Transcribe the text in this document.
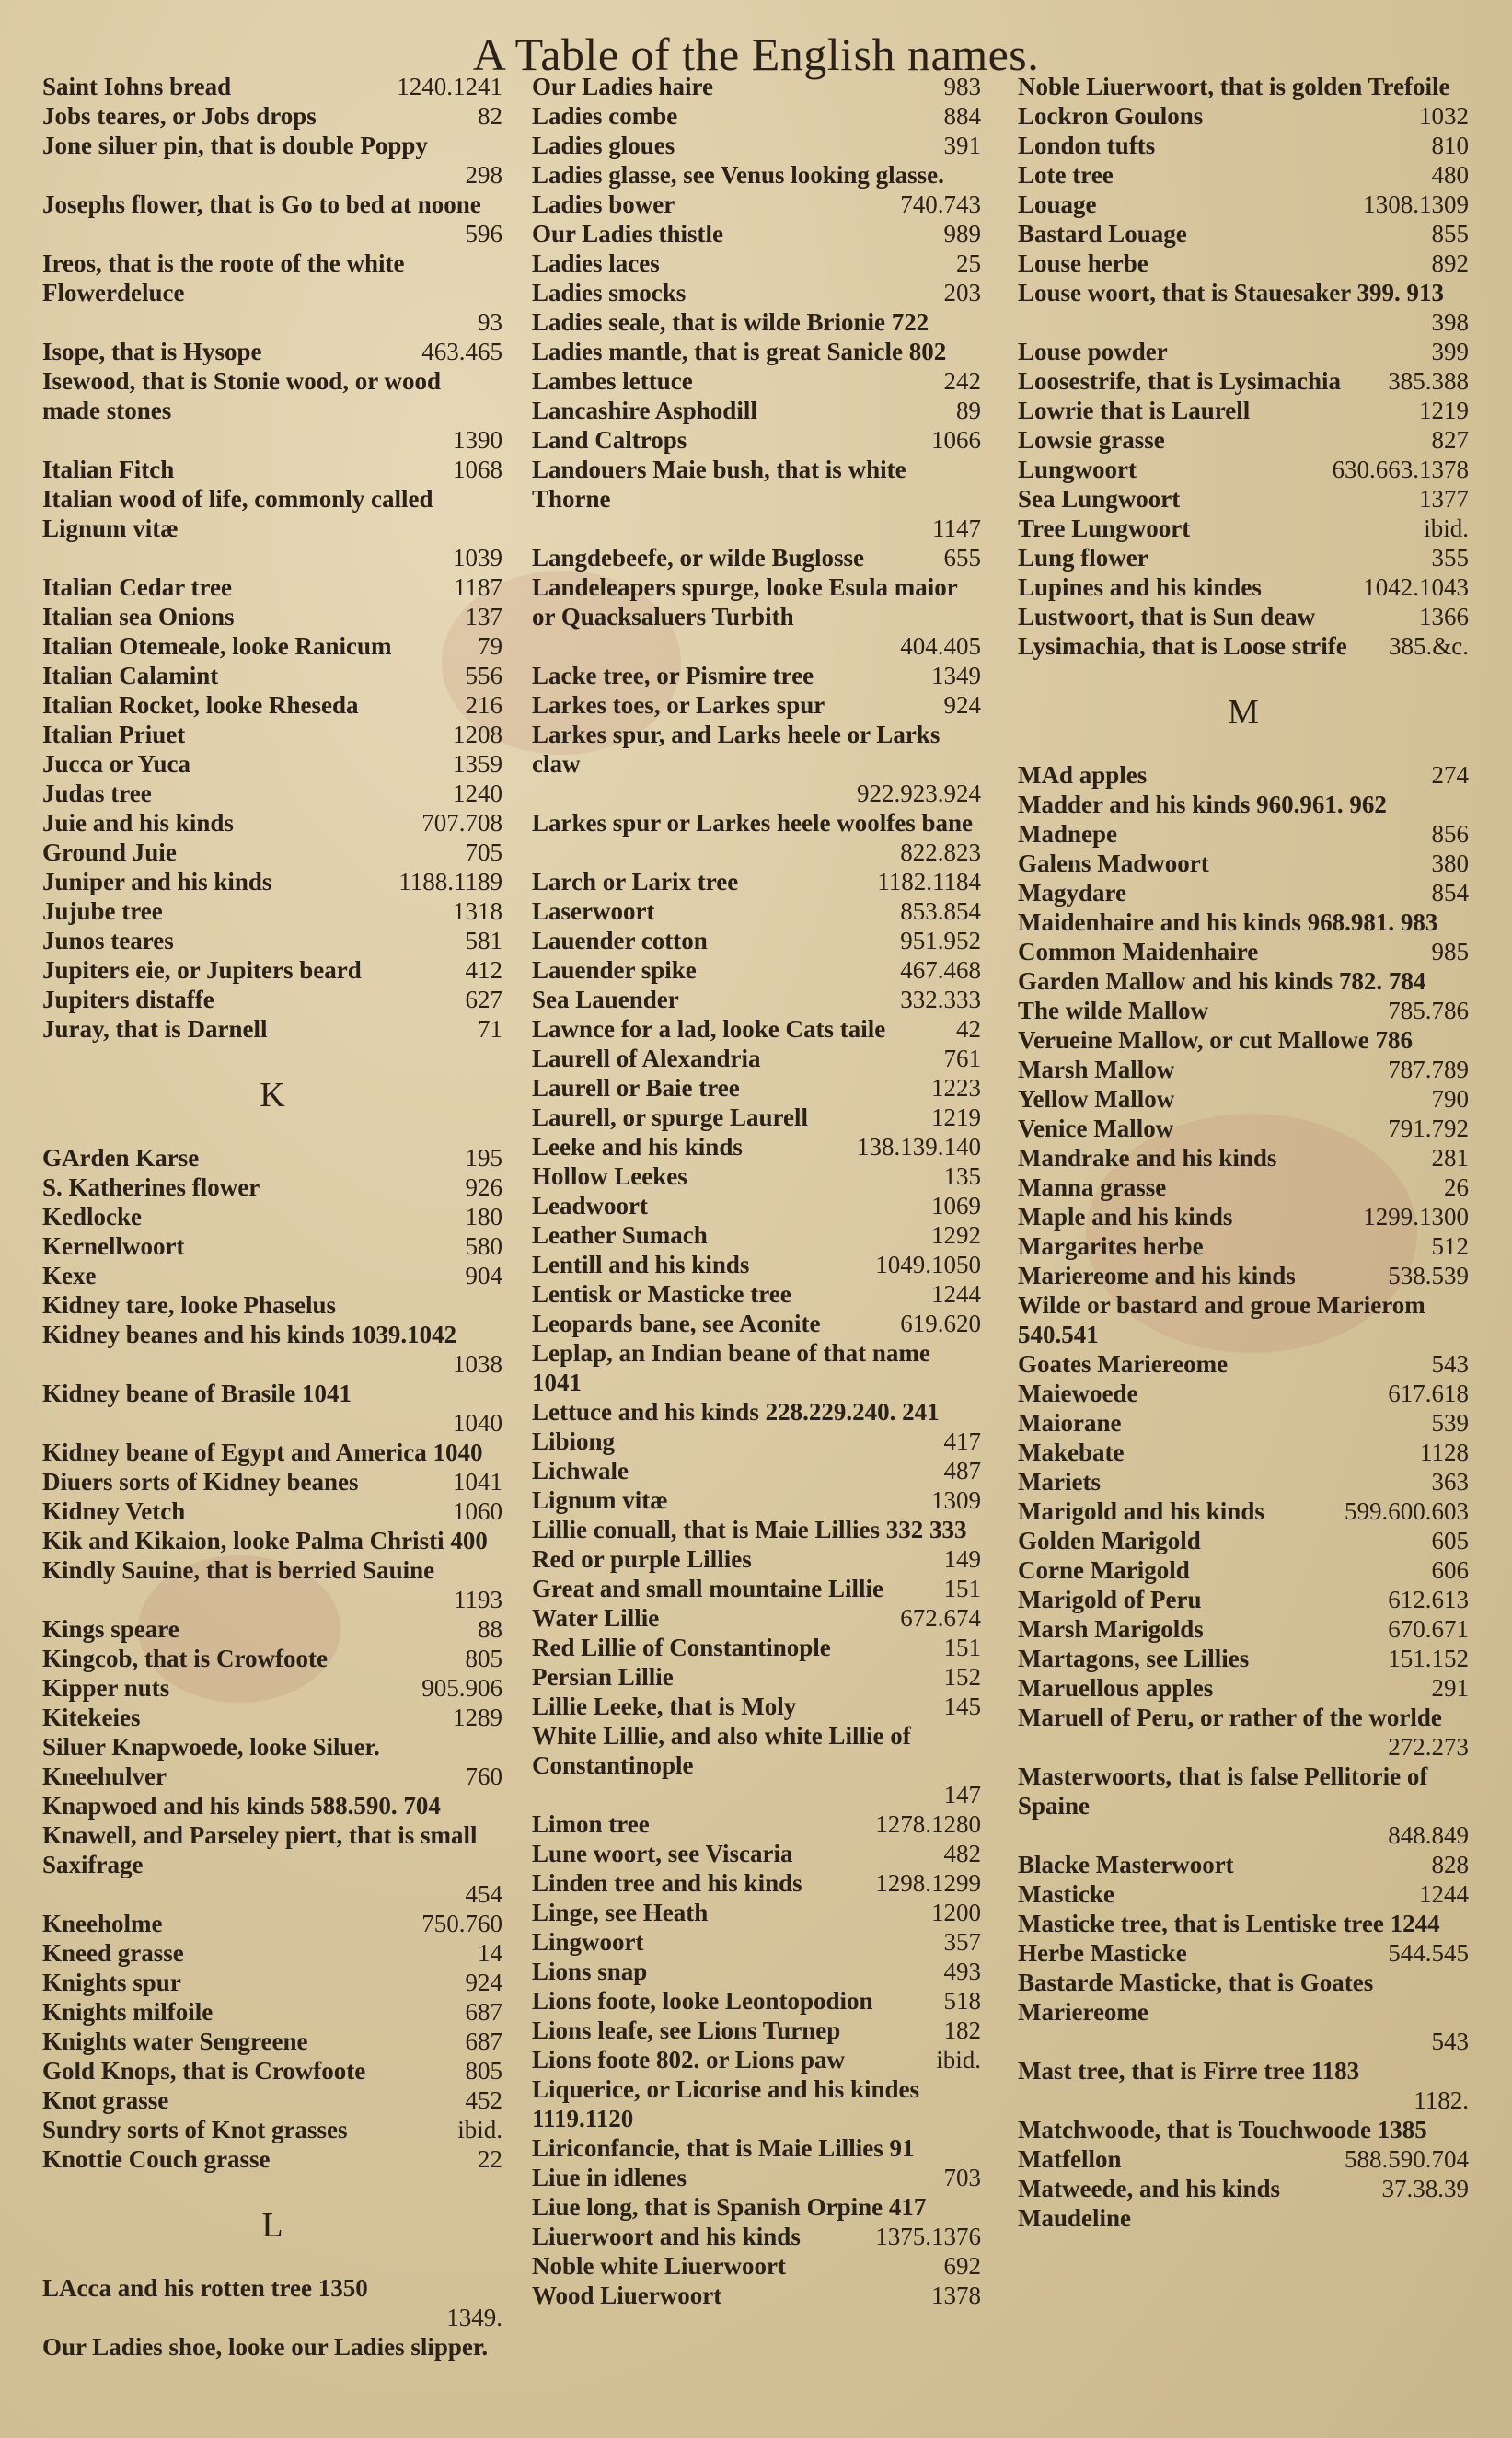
A Table of the English names.
Saint Iohns bread	1240.1241
Jobs teares, or Jobs drops	82
Jone siluer pin, that is double Poppy
298
Josephs flower, that is Go to bed at noone
596
Ireos, that is the roote of the white Flowerdeluce
93
Isope, that is Hysope	463.465
Isewood, that is Stonie wood, or wood made stones
1390
Italian Fitch	1068
Italian wood of life, commonly called Lignum vitæ
1039
Italian Cedar tree	1187
Italian sea Onions	137
Italian Otemeale, looke Ranicum	79
Italian Calamint	556
Italian Rocket, looke Rheseda	216
Italian Priuet	1208
Jucca or Yuca	1359
Judas tree	1240
Juie and his kinds	707.708
Ground Juie	705
Juniper and his kinds	1188.1189
Jujube tree	1318
Junos teares	581
Jupiters eie, or Jupiters beard	412
Jupiters distaffe	627
Juray, that is Darnell	71
K
GArden Karse	195
S. Katherines flower	926
Kedlocke	180
Kernellwoort	580
Kexe	904
Kidney tare, looke Phaselus
Kidney beanes and his kinds 1039.1042
1038
Kidney beane of Brasile 1041
1040
Kidney beane of Egypt and America 1040
Diuers sorts of Kidney beanes	1041
Kidney Vetch	1060
Kik and Kikaion, looke Palma Christi 400
Kindly Sauine, that is berried Sauine
1193
Kings speare	88
Kingcob, that is Crowfoote	805
Kipper nuts	905.906
Kitekeies	1289
Siluer Knapwoede, looke Siluer.
Kneehulver	760
Knapwoed and his kinds 588.590. 704
Knawell, and Parseley piert, that is small Saxifrage
454
Kneeholme	750.760
Kneed grasse	14
Knights spur	924
Knights milfoile	687
Knights water Sengreene	687
Gold Knops, that is Crowfoote	805
Knot grasse	452
Sundry sorts of Knot grasses	ibid.
Knottie Couch grasse	22
L
LAcca and his rotten tree 1350
1349.
Our Ladies shoe, looke our Ladies slipper.
Our Ladies haire	983
Ladies combe	884
Ladies gloues	391
Ladies glasse, see Venus looking glasse.
Ladies bower	740.743
Our Ladies thistle	989
Ladies laces	25
Ladies smocks	203
Ladies seale, that is wilde Brionie 722
Ladies mantle, that is great Sanicle 802
Lambes lettuce	242
Lancashire Asphodill	89
Land Caltrops	1066
Landouers Maie bush, that is white Thorne
1147
Langdebeefe, or wilde Buglosse	655
Landeleapers spurge, looke Esula maior or Quacksaluers Turbith
404.405
Lacke tree, or Pismire tree	1349
Larkes toes, or Larkes spur	924
Larkes spur, and Larks heele or Larks claw
922.923.924
Larkes spur or Larkes heele woolfes bane
822.823
Larch or Larix tree	1182.1184
Laserwoort	853.854
Lauender cotton	951.952
Lauender spike	467.468
Sea Lauender	332.333
Lawnce for a lad, looke Cats taile	42
Laurell of Alexandria	761
Laurell or Baie tree	1223
Laurell, or spurge Laurell	1219
Leeke and his kinds	138.139.140
Hollow Leekes	135
Leadwoort	1069
Leather Sumach	1292
Lentill and his kinds	1049.1050
Lentisk or Masticke tree	1244
Leopards bane, see Aconite	619.620
Leplap, an Indian beane of that name 1041
Lettuce and his kinds 228.229.240. 241
Libiong	417
Lichwale	487
Lignum vitæ	1309
Lillie conuall, that is Maie Lillies 332 333
Red or purple Lillies	149
Great and small mountaine Lillie 151
Water Lillie	672.674
Red Lillie of Constantinople	151
Persian Lillie	152
Lillie Leeke, that is Moly	145
White Lillie, and also white Lillie of Constantinople
147
Limon tree	1278.1280
Lune woort, see Viscaria	482
Linden tree and his kinds	1298.1299
Linge, see Heath	1200
Lingwoort	357
Lions snap	493
Lions foote, looke Leontopodion	518
Lions leafe, see Lions Turnep	182
Lions foote 802. or Lions paw	ibid.
Liquerice, or Licorise and his kindes 1119.1120
Liriconfancie, that is Maie Lillies 91
Liue in idlenes	703
Liue long, that is Spanish Orpine 417
Liuerwoort and his kinds	1375.1376
Noble white Liuerwoort	692
Wood Liuerwoort	1378
Noble Liuerwoort, that is golden Trefoile
Lockron Goulons	1032
London tufts	810
Lote tree	480
Louage	1308.1309
Bastard Louage	855
Louse herbe	892
Louse woort, that is Stauesaker 399. 913
398
Louse powder	399
Loosestrife, that is Lysimachia 385.388
Lowrie that is Laurell	1219
Lowsie grasse	827
Lungwoort	630.663.1378
Sea Lungwoort	1377
Tree Lungwoort	ibid.
Lung flower	355
Lupines and his kindes	1042.1043
Lustwoort, that is Sun deaw	1366
Lysimachia, that is Loose strife 385.&c.
M
MAd apples	274
Madder and his kinds 960.961. 962
Madnepe	856
Galens Madwoort	380
Magydare	854
Maidenhaire and his kinds 968.981. 983
Common Maidenhaire	985
Garden Mallow and his kinds 782. 784
The wilde Mallow	785.786
Verueine Mallow, or cut Mallowe 786
Marsh Mallow	787.789
Yellow Mallow	790
Venice Mallow	791.792
Mandrake and his kinds	281
Manna grasse	26
Maple and his kinds	1299.1300
Margarites herbe	512
Mariereome and his kinds	538.539
Wilde or bastard and groue Marierom 540.541
Goates Mariereome	543
Maiewoede	617.618
Maiorane	539
Makebate	1128
Mariets	363
Marigold and his kinds	599.600.603
Golden Marigold	605
Corne Marigold	606
Marigold of Peru	612.613
Marsh Marigolds	670.671
Martagons, see Lillies	151.152
Maruellous apples	291
Maruell of Peru, or rather of the worlde
272.273
Masterwoorts, that is false Pellitorie of Spaine
848.849
Blacke Masterwoort	828
Masticke	1244
Masticke tree, that is Lentiske tree 1244
Herbe Masticke	544.545
Bastarde Masticke, that is Goates Mariereome
543
Mast tree, that is Firre tree 1183
1182.
Matchwoode, that is Touchwoode 1385
Matfellon	588.590.704
Matweede, and his kinds	37.38.39
Maudeline
